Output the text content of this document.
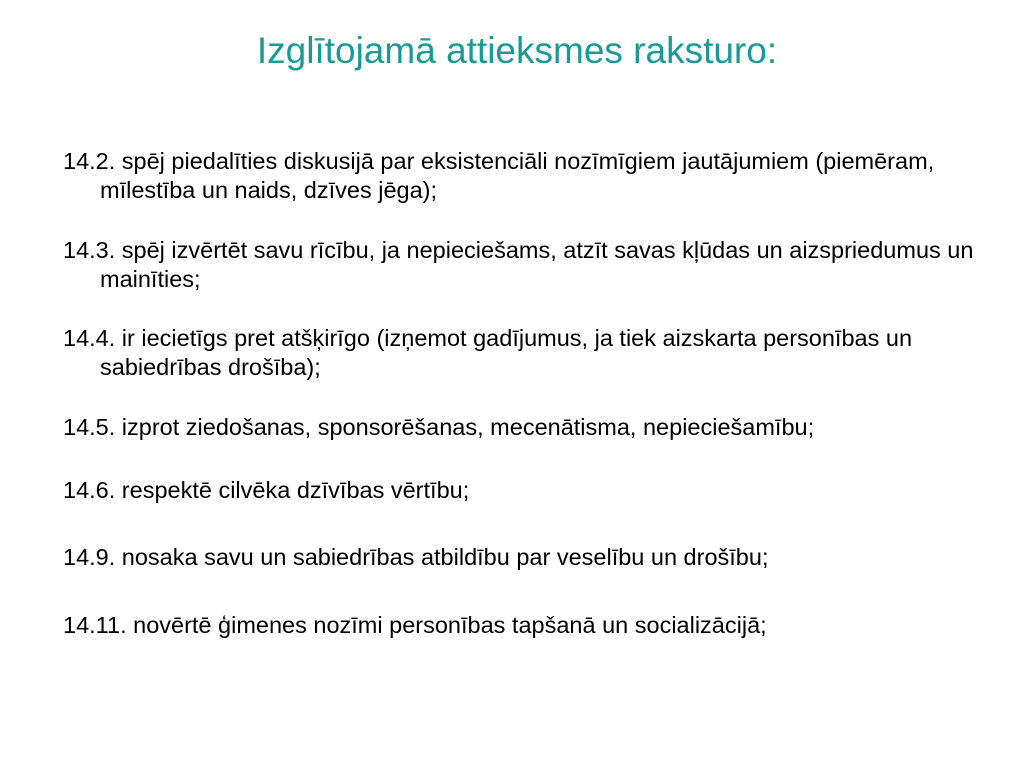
Izglītojamā attieksmes raksturo:

14.2. spēj piedalīties diskusijā par eksistenciāli nozīmīgiem jautājumiem (piemēram, mīlestība un naids, dzīves jēga);

14.3. spēj izvērtēt savu rīcību, ja nepieciešams, atzīt savas kļūdas un aizspriedumus un mainīties;

14.4. ir iecietīgs pret atšķirīgo (izņemot gadījumus, ja tiek aizskarta personības un sabiedrības drošība);

14.5. izprot ziedošanas, sponsorēšanas, mecenātisma, nepieciešamību;

14.6. respektē cilvēka dzīvības vērtību;

14.9. nosaka savu un sabiedrības atbildību par veselību un drošību;

14.11. novērtē ģimenes nozīmi personības tapšanā un socializācijā;
